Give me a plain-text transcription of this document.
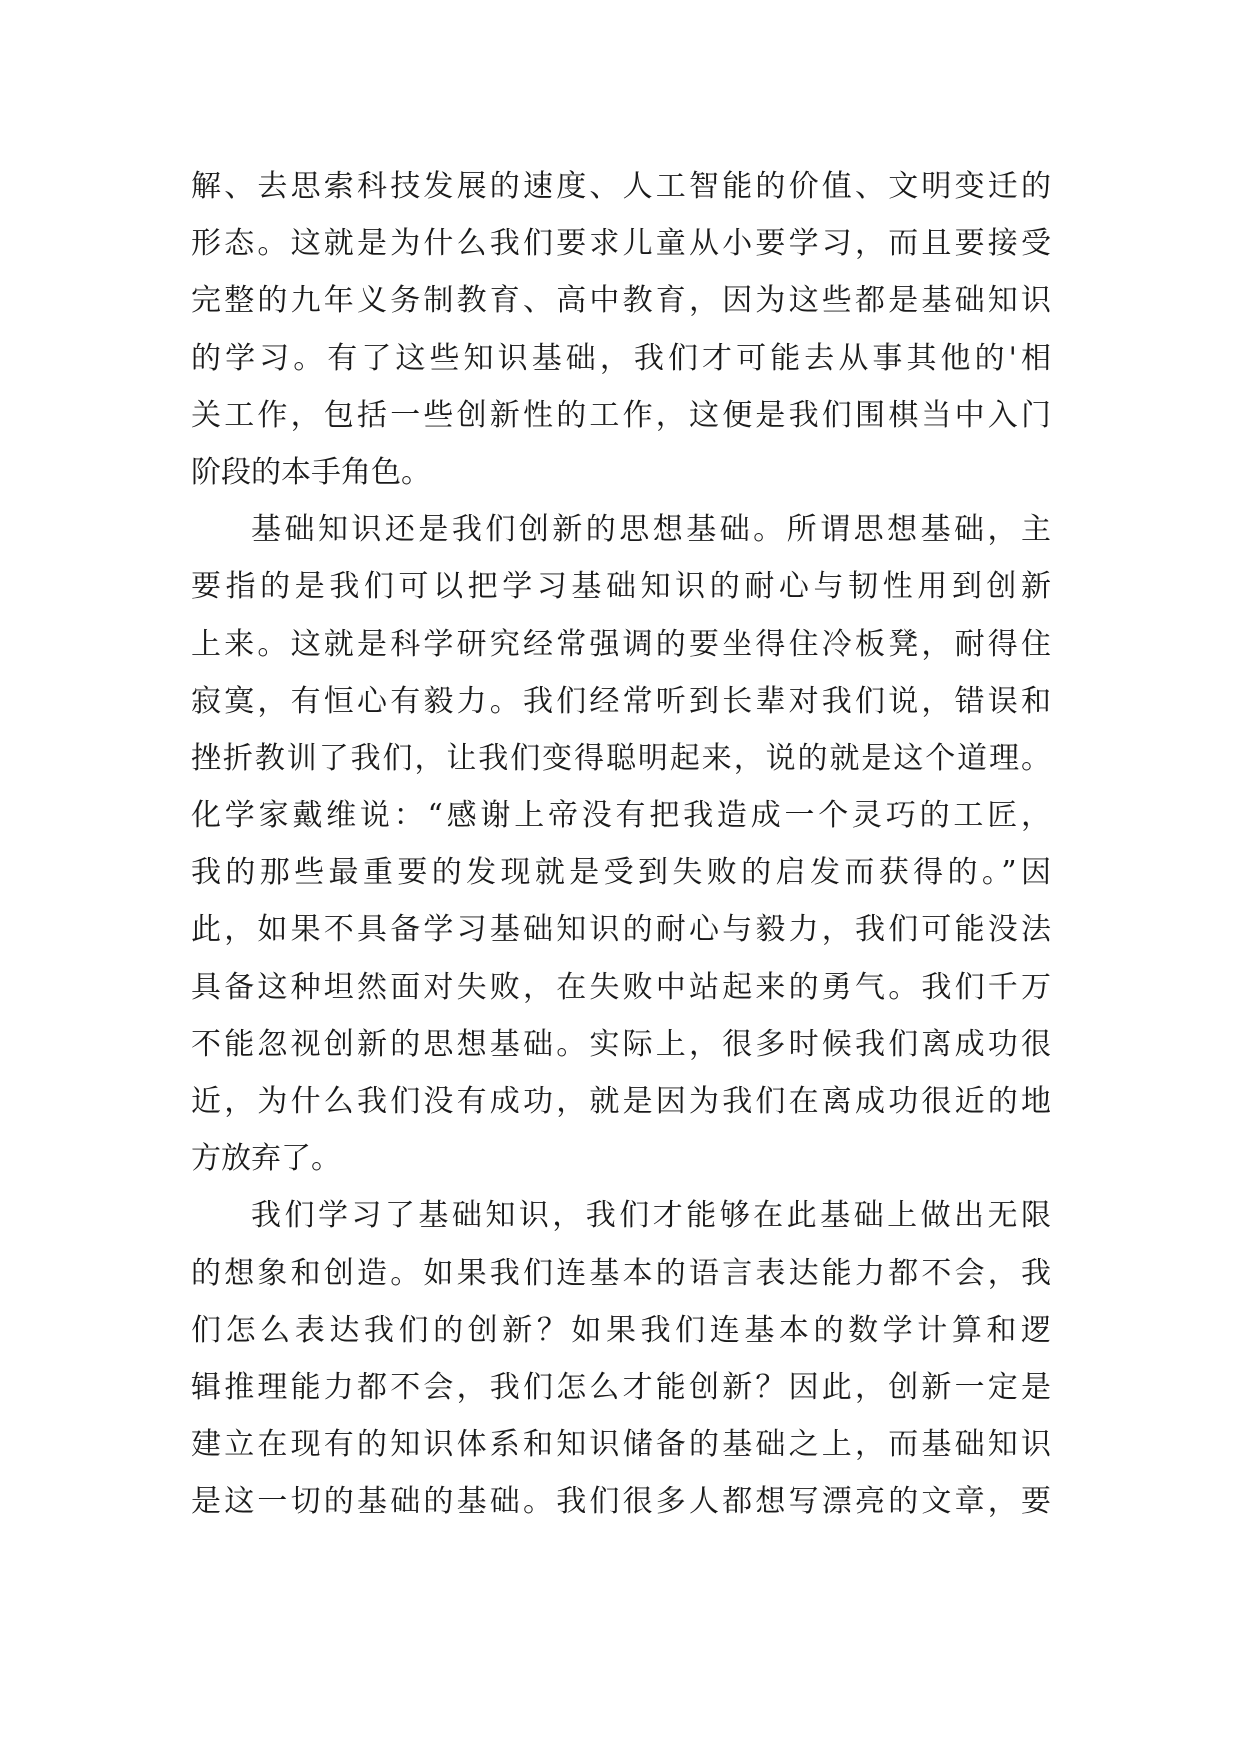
解、去思索科技发展的速度、人工智能的价值、文明变迁的
形态。这就是为什么我们要求儿童从小要学习，而且要接受
完整的九年义务制教育、高中教育，因为这些都是基础知识
的学习。有了这些知识基础，我们才可能去从事其他的'相
关工作，包括一些创新性的工作，这便是我们围棋当中入门
阶段的本手角色。
基础知识还是我们创新的思想基础。所谓思想基础，主
要指的是我们可以把学习基础知识的耐心与韧性用到创新
上来。这就是科学研究经常强调的要坐得住冷板凳，耐得住
寂寞，有恒心有毅力。我们经常听到长辈对我们说，错误和
挫折教训了我们，让我们变得聪明起来，说的就是这个道理。
化学家戴维说：“感谢上帝没有把我造成一个灵巧的工匠，
我的那些最重要的发现就是受到失败的启发而获得的。”因
此，如果不具备学习基础知识的耐心与毅力，我们可能没法
具备这种坦然面对失败，在失败中站起来的勇气。我们千万
不能忽视创新的思想基础。实际上，很多时候我们离成功很
近，为什么我们没有成功，就是因为我们在离成功很近的地
方放弃了。
我们学习了基础知识，我们才能够在此基础上做出无限
的想象和创造。如果我们连基本的语言表达能力都不会，我
们怎么表达我们的创新？如果我们连基本的数学计算和逻
辑推理能力都不会，我们怎么才能创新？因此，创新一定是
建立在现有的知识体系和知识储备的基础之上，而基础知识
是这一切的基础的基础。我们很多人都想写漂亮的文章，要
